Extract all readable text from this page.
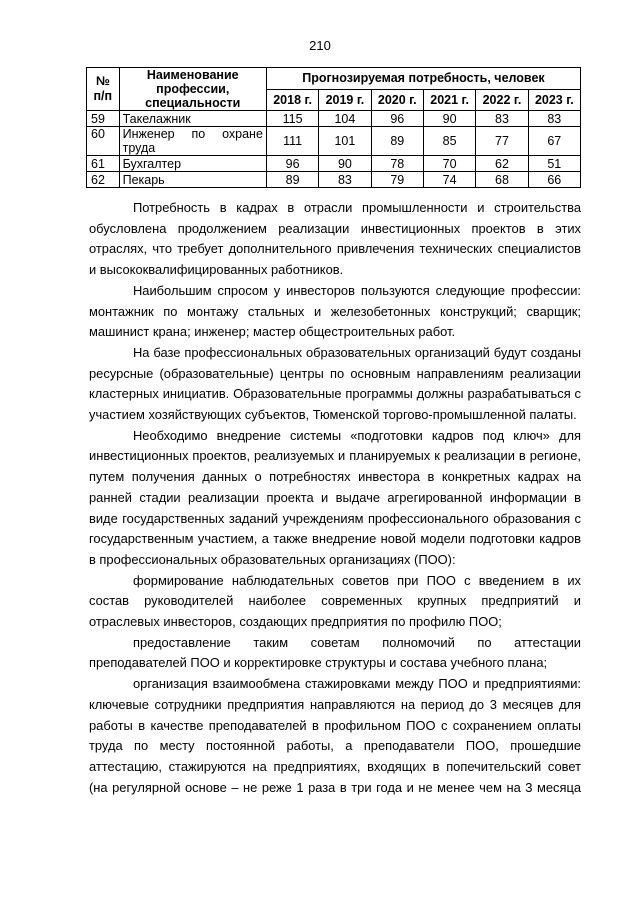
210
№ п/п	Наименование профессии, специальности	Прогнозируемая потребность, человек					
		2018 г.	2019 г.	2020 г.	2021 г.	2022 г.	2023 г.
59	Такелажник	115	104	96	90	83	83
60	Инженер по охране труда	111	101	89	85	77	67
61	Бухгалтер	96	90	78	70	62	51
62	Пекарь	89	83	79	74	68	66

Потребность в кадрах в отрасли промышленности и строительства обусловлена продолжением реализации инвестиционных проектов в этих отраслях, что требует дополнительного привлечения технических специалистов и высококвалифицированных работников.

Наибольшим спросом у инвесторов пользуются следующие профессии: монтажник по монтажу стальных и железобетонных конструкций; сварщик; машинист крана; инженер; мастер общестроительных работ.

На базе профессиональных образовательных организаций будут созданы ресурсные (образовательные) центры по основным направлениям реализации кластерных инициатив. Образовательные программы должны разрабатываться с участием хозяйствующих субъектов, Тюменской торгово-промышленной палаты.

Необходимо внедрение системы «подготовки кадров под ключ» для инвестиционных проектов, реализуемых и планируемых к реализации в регионе, путем получения данных о потребностях инвестора в конкретных кадрах на ранней стадии реализации проекта и выдаче агрегированной информации в виде государственных заданий учреждениям профессионального образования с государственным участием, а также внедрение новой модели подготовки кадров в профессиональных образовательных организациях (ПОО):

формирование наблюдательных советов при ПОО с введением в их состав руководителей наиболее современных крупных предприятий и отраслевых инвесторов, создающих предприятия по профилю ПОО;

предоставление таким советам полномочий по аттестации преподавателей ПОО и корректировке структуры и состава учебного плана;

организация взаимообмена стажировками между ПОО и предприятиями: ключевые сотрудники предприятия направляются на период до 3 месяцев для работы в качестве преподавателей в профильном ПОО с сохранением оплаты труда по месту постоянной работы, а преподаватели ПОО, прошедшие аттестацию, стажируются на предприятиях, входящих в попечительский совет (на регулярной основе – не реже 1 раза в три года и не менее чем на 3 месяца
